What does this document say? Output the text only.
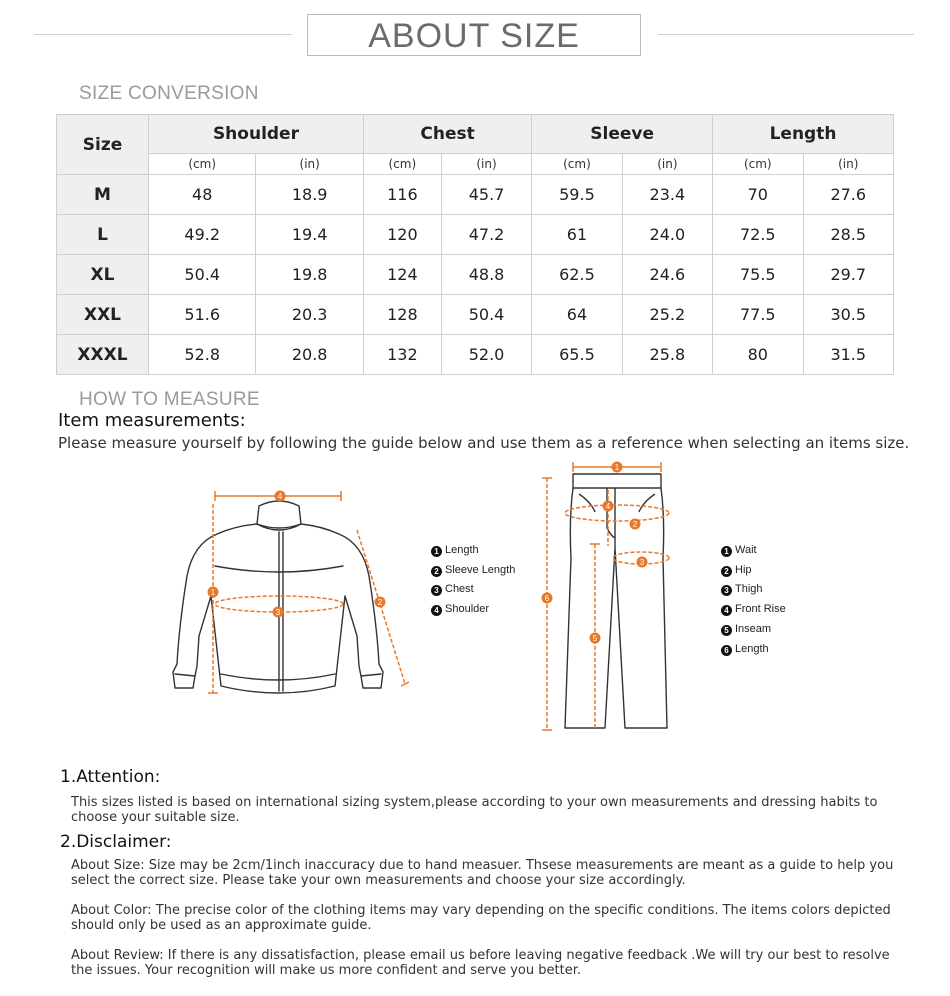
ABOUT SIZE
SIZE CONVERSION
Size	Shoulder		Chest		Sleeve		Length	
	(cm)	(in)	(cm)	(in)	(cm)	(in)	(cm)	(in)
M	48	18.9	116	45.7	59.5	23.4	70	27.6
L	49.2	19.4	120	47.2	61	24.0	72.5	28.5
XL	50.4	19.8	124	48.8	62.5	24.6	75.5	29.7
XXL	51.6	20.3	128	50.4	64	25.2	77.5	30.5
XXXL	52.8	20.8	132	52.0	65.5	25.8	80	31.5
HOW TO MEASURE
Item measurements:
Please measure yourself by following the guide below and use them as a reference when selecting an items size.
4
1
3
2
1 Length
2 Sleeve Length
3 Chest
4 Shoulder
1
2
3
4
5
6
1 Wait
2 Hip
3 Thigh
4 Front Rise
5 Inseam
6 Length
1.Attention:
This sizes listed is based on international sizing system,please according to your own measurements and dressing habits to choose your suitable size.
2.Disclaimer:
About Size: Size may be 2cm/1inch inaccuracy due to hand measuer. Thsese measurements are meant as a guide to help you select the correct size. Please take your own measurements and choose your size accordingly.
About Color: The precise color of the clothing items may vary depending on the specific conditions. The items colors depicted should only be used as an approximate guide.
About Review: If there is any dissatisfaction, please email us before leaving negative feedback .We will try our best to resolve the issues. Your recognition will make us more confident and serve you better.
